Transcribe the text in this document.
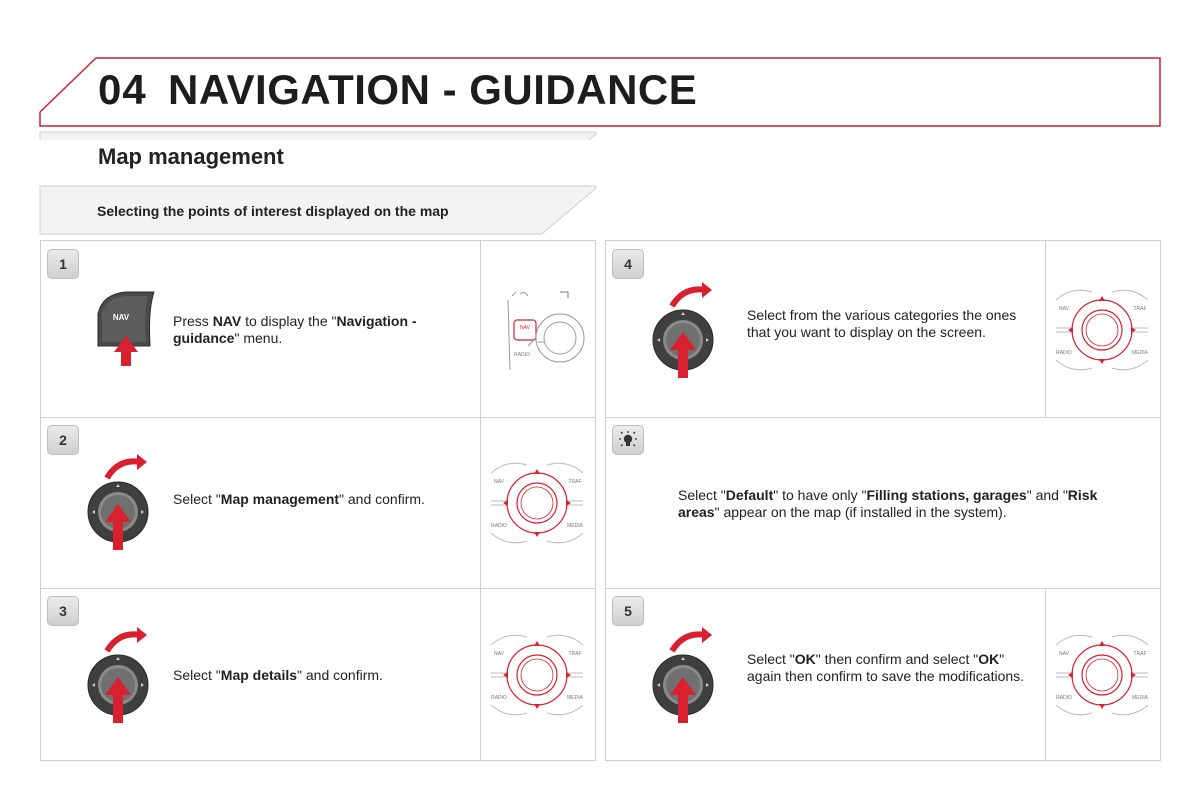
04 NAVIGATION - GUIDANCE
Map management
Selecting the points of interest displayed on the map
1
NAV	Press NAV to display the "Navigation - guidance" menu.
NAV
RADIO
2
Select "Map management" and confirm.
NAV	TRAF
RADIO	MEDIA
3
Select "Map details" and confirm.
NAV	TRAF
RADIO	MEDIA
4
Select from the various categories the ones that you want to display on the screen.
NAV	TRAF
RADIO	MEDIA
Select "Default" to have only "Filling stations, garages" and "Risk areas" appear on the map (if installed in the system).
5
Select "OK" then confirm and select "OK" again then confirm to save the modifications.
NAV	TRAF
RADIO	MEDIA
